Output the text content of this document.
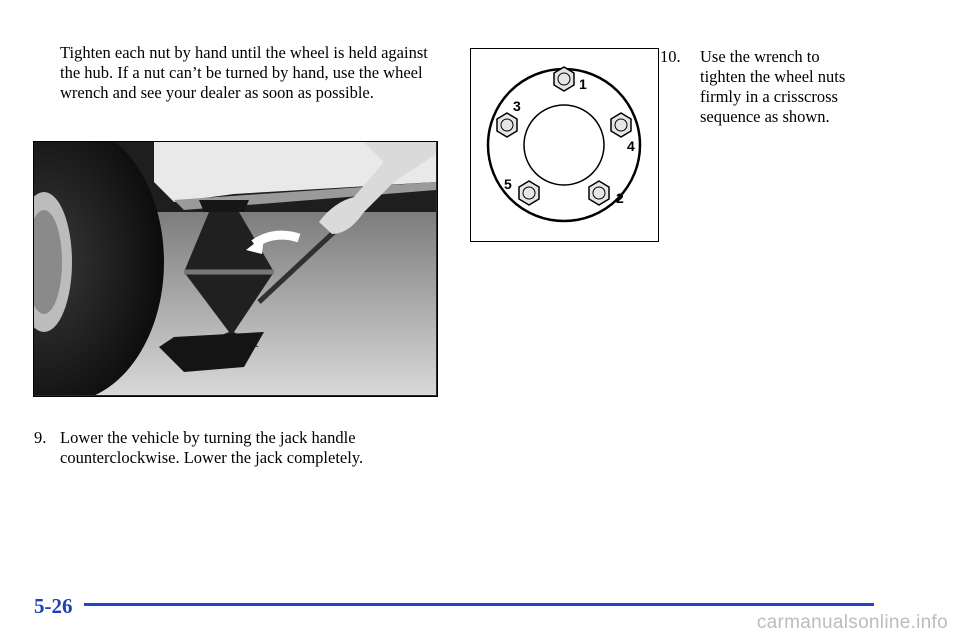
Tighten each nut by hand until the wheel is held against the hub. If a nut can’t be turned by hand, use the wheel wrench and see your dealer as soon as possible.	1
2
3
4
5

9. Lower the vehicle by turning the jack handle counterclockwise. Lower the jack completely.

10.	Use the wrench to tighten the wheel nuts firmly in a crisscross sequence as shown.

5-26
carmanualsonline.info
